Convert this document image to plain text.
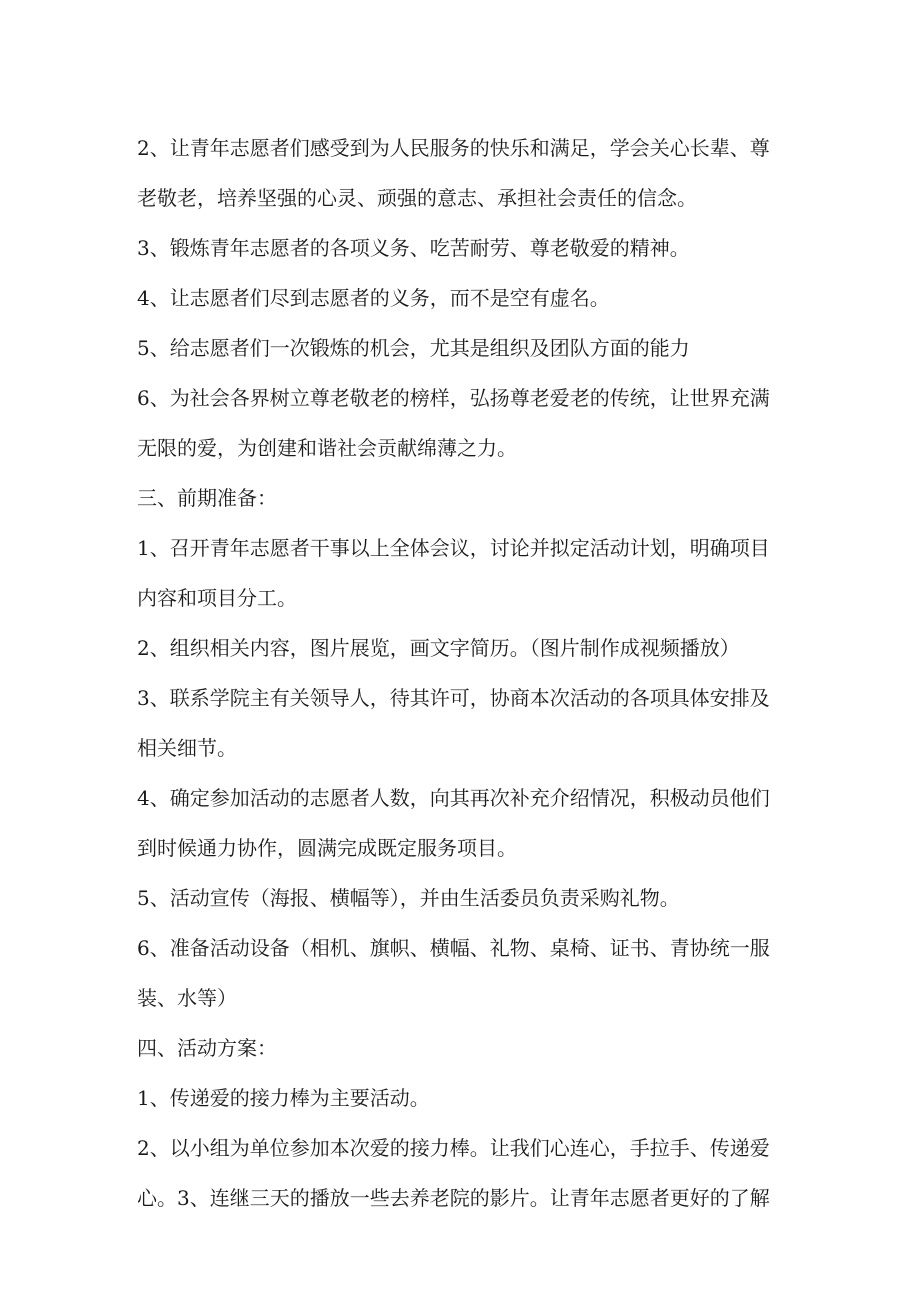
2、让青年志愿者们感受到为人民服务的快乐和满足，学会关心长辈、尊老敬老，培养坚强的心灵、顽强的意志、承担社会责任的信念。

3、锻炼青年志愿者的各项义务、吃苦耐劳、尊老敬爱的精神。

4、让志愿者们尽到志愿者的义务，而不是空有虚名。

5、给志愿者们一次锻炼的机会，尤其是组织及团队方面的能力

6、为社会各界树立尊老敬老的榜样，弘扬尊老爱老的传统，让世界充满无限的爱，为创建和谐社会贡献绵薄之力。

三、前期准备：

1、召开青年志愿者干事以上全体会议，讨论并拟定活动计划，明确项目内容和项目分工。

2、组织相关内容，图片展览，画文字简历。（图片制作成视频播放）

3、联系学院主有关领导人，待其许可，协商本次活动的各项具体安排及相关细节。

4、确定参加活动的志愿者人数，向其再次补充介绍情况，积极动员他们到时候通力协作，圆满完成既定服务项目。

5、活动宣传（海报、横幅等），并由生活委员负责采购礼物。

6、准备活动设备（相机、旗帜、横幅、礼物、桌椅、证书、青协统一服装、水等）

四、活动方案：

1、传递爱的接力棒为主要活动。

2、以小组为单位参加本次爱的接力棒。让我们心连心，手拉手、传递爱心。3、连继三天的播放一些去养老院的影片。让青年志愿者更好的了解
